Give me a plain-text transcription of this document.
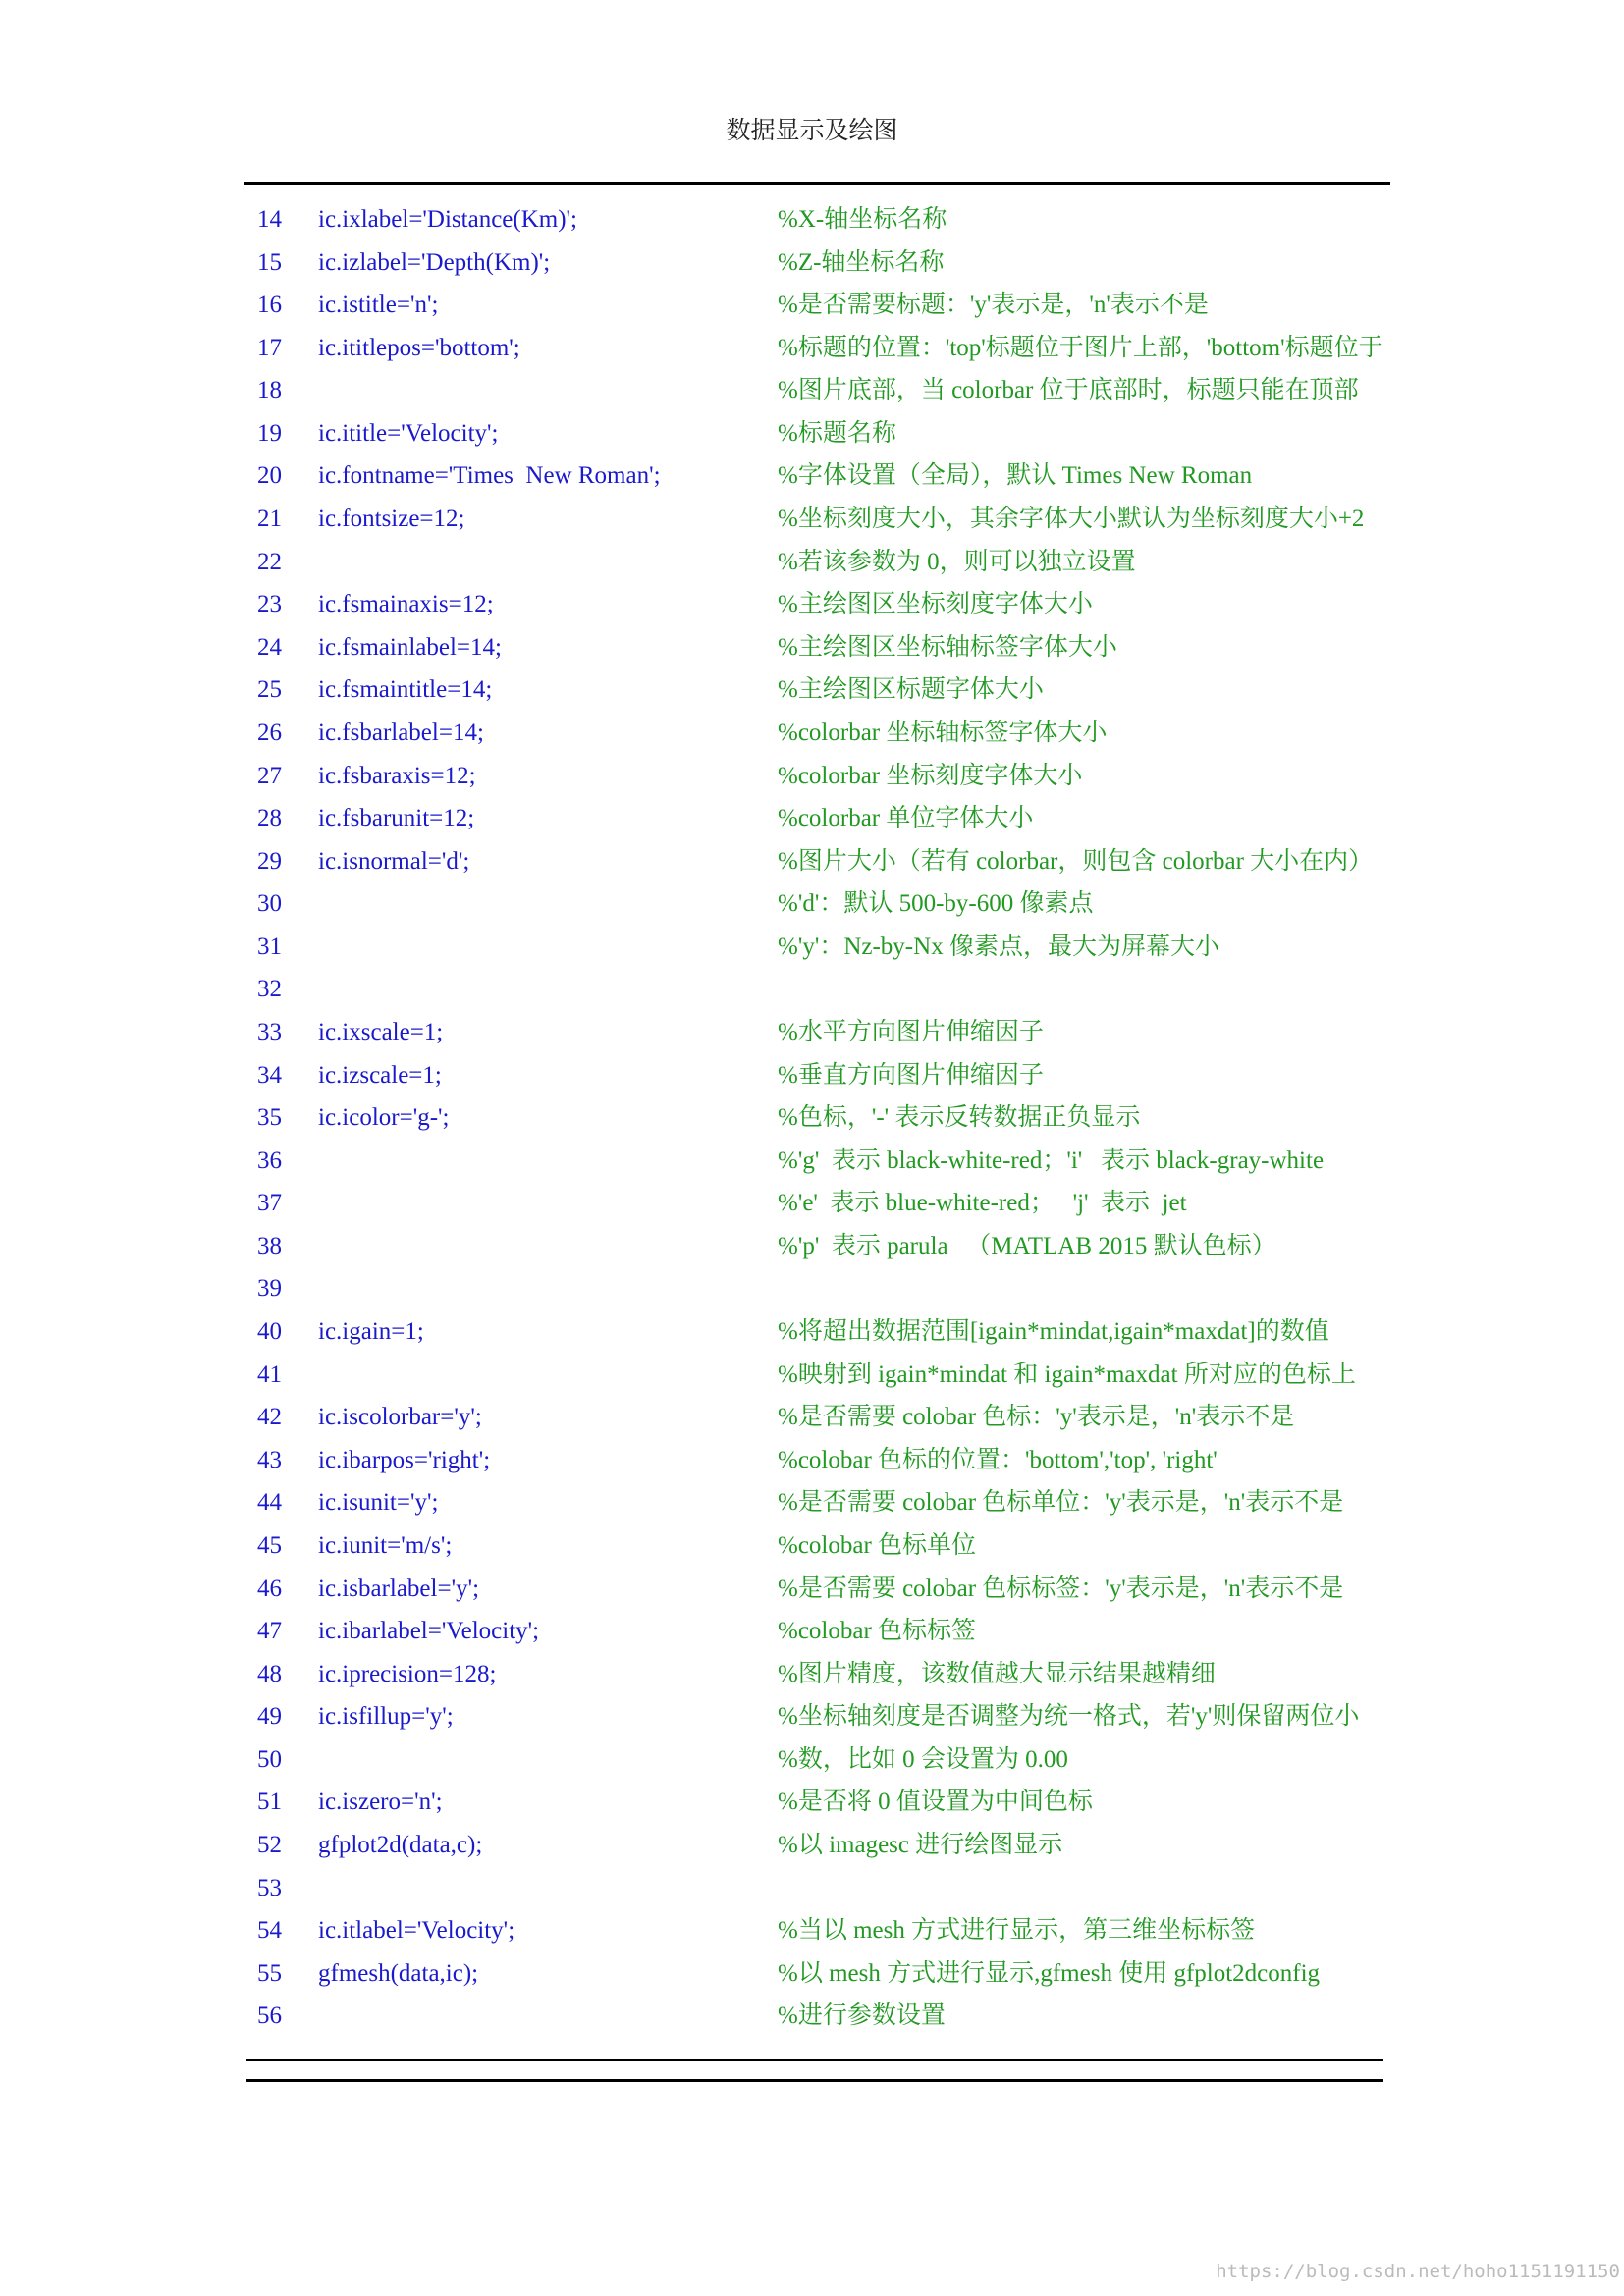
数据显示及绘图
14 ic.ixlabel='Distance(Km)';	%X-轴坐标名称
15 ic.izlabel='Depth(Km)';	%Z-轴坐标名称
16 ic.istitle='n';	%是否需要标题：'y'表示是，'n'表示不是
17 ic.ititlepos='bottom';	%标题的位置：'top'标题位于图片上部，'bottom'标题位于
18	%图片底部，当 colorbar 位于底部时，标题只能在顶部
19 ic.ititle='Velocity';	%标题名称
20 ic.fontname='Times  New Roman';	%字体设置（全局），默认 Times New Roman
21 ic.fontsize=12;	%坐标刻度大小，其余字体大小默认为坐标刻度大小+2
22	%若该参数为 0，则可以独立设置
23 ic.fsmainaxis=12;	%主绘图区坐标刻度字体大小
24 ic.fsmainlabel=14;	%主绘图区坐标轴标签字体大小
25 ic.fsmaintitle=14;	%主绘图区标题字体大小
26 ic.fsbarlabel=14;	%colorbar 坐标轴标签字体大小
27 ic.fsbaraxis=12;	%colorbar 坐标刻度字体大小
28 ic.fsbarunit=12;	%colorbar 单位字体大小
29 ic.isnormal='d';	%图片大小（若有 colorbar，则包含 colorbar 大小在内）
30	%'d'：默认 500-by-600 像素点
31	%'y'：Nz-by-Nx 像素点，最大为屏幕大小
32
33 ic.ixscale=1;	%水平方向图片伸缩因子
34 ic.izscale=1;	%垂直方向图片伸缩因子
35 ic.icolor='g-';	%色标，'-' 表示反转数据正负显示
36	%'g'  表示 black-white-red；'i'   表示 black-gray-white
37	%'e'  表示 blue-white-red；   'j'  表示  jet
38	%'p'  表示 parula   （MATLAB 2015 默认色标）
39
40 ic.igain=1;	%将超出数据范围[igain*mindat,igain*maxdat]的数值
41	%映射到 igain*mindat 和 igain*maxdat 所对应的色标上
42 ic.iscolorbar='y';	%是否需要 colobar 色标：'y'表示是，'n'表示不是
43 ic.ibarpos='right';	%colobar 色标的位置：'bottom','top', 'right'
44 ic.isunit='y';	%是否需要 colobar 色标单位：'y'表示是，'n'表示不是
45 ic.iunit='m/s';	%colobar 色标单位
46 ic.isbarlabel='y';	%是否需要 colobar 色标标签：'y'表示是，'n'表示不是
47 ic.ibarlabel='Velocity';	%colobar 色标标签
48 ic.iprecision=128;	%图片精度，该数值越大显示结果越精细
49 ic.isfillup='y';	%坐标轴刻度是否调整为统一格式，若'y'则保留两位小
50	%数，比如 0 会设置为 0.00
51 ic.iszero='n';	%是否将 0 值设置为中间色标
52 gfplot2d(data,c);	%以 imagesc 进行绘图显示
53
54 ic.itlabel='Velocity';	%当以 mesh 方式进行显示，第三维坐标标签
55 gfmesh(data,ic);	%以 mesh 方式进行显示,gfmesh 使用 gfplot2dconfig
56	%进行参数设置
https://blog.csdn.net/hoho1151191150
